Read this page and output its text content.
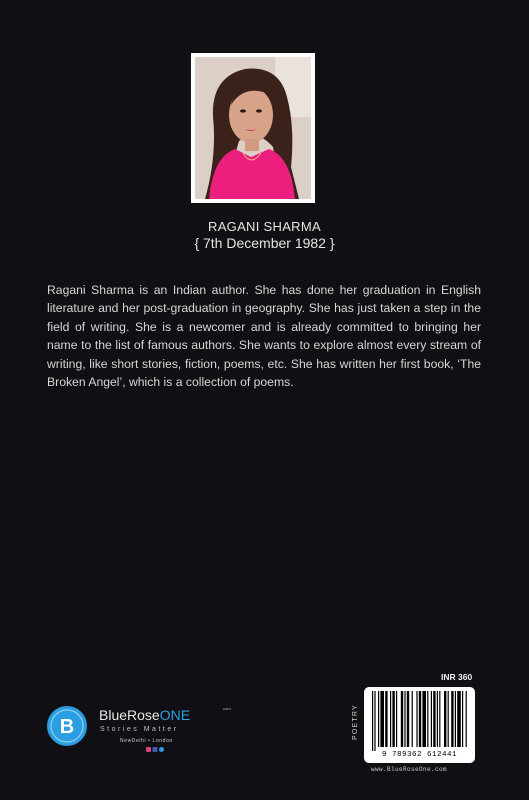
RAGANI SHARMA
{ 7th December 1982 }

Ragani Sharma is an Indian author. She has done her graduation in English literature and her post-graduation in geography. She has just taken a step in the field of writing. She is a newcomer and is already committed to bringing her name to the list of famous authors. She wants to explore almost every stream of writing, like short stories, fiction, poems, etc. She has written her first book, ‘The Broken Angel’, which is a collection of poems.

B
BlueRoseONE	.com
Stories Matter
NewDelhi • London
INR 360
POETRY
9 789362 612441
www.BlueRoseOne.com
